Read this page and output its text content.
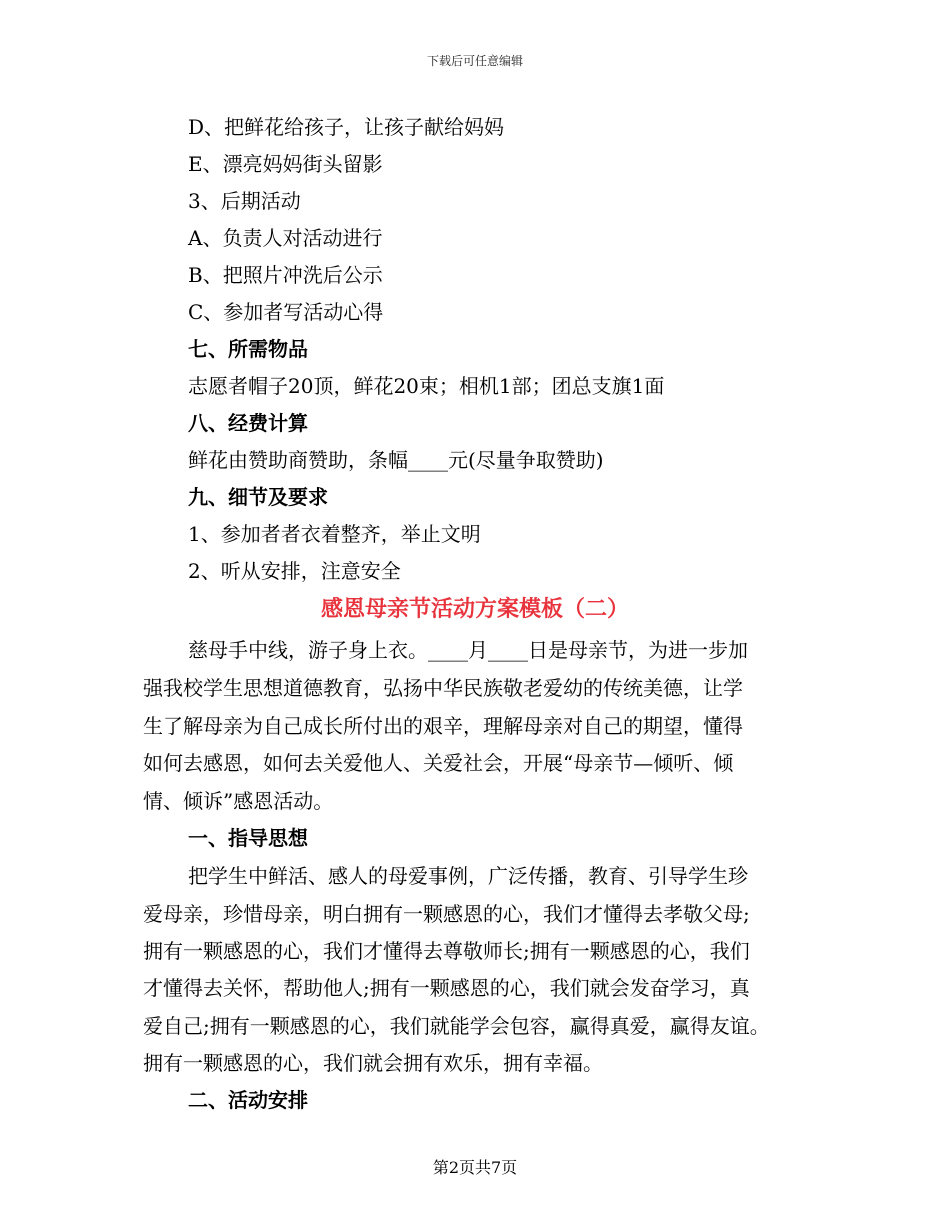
下载后可任意编辑
D、把鲜花给孩子，让孩子献给妈妈
E、漂亮妈妈街头留影
3、后期活动
A、负责人对活动进行
B、把照片冲洗后公示
C、参加者写活动心得
七、所需物品
志愿者帽子20顶，鲜花20束；相机1部；团总支旗1面
八、经费计算
鲜花由赞助商赞助，条幅____元(尽量争取赞助)
九、细节及要求
1、参加者者衣着整齐，举止文明
2、听从安排，注意安全
感恩母亲节活动方案模板（二）
慈母手中线，游子身上衣。____月____日是母亲节，为进一步加
强我校学生思想道德教育，弘扬中华民族敬老爱幼的传统美德，让学
生了解母亲为自己成长所付出的艰辛，理解母亲对自己的期望，懂得
如何去感恩，如何去关爱他人、关爱社会，开展“母亲节—倾听、倾
情、倾诉”感恩活动。
一、指导思想
把学生中鲜活、感人的母爱事例，广泛传播，教育、引导学生珍
爱母亲，珍惜母亲，明白拥有一颗感恩的心，我们才懂得去孝敬父母;
拥有一颗感恩的心，我们才懂得去尊敬师长;拥有一颗感恩的心，我们
才懂得去关怀，帮助他人;拥有一颗感恩的心，我们就会发奋学习，真
爱自己;拥有一颗感恩的心，我们就能学会包容，赢得真爱，赢得友谊。
拥有一颗感恩的心，我们就会拥有欢乐，拥有幸福。
二、活动安排
第2页共7页
